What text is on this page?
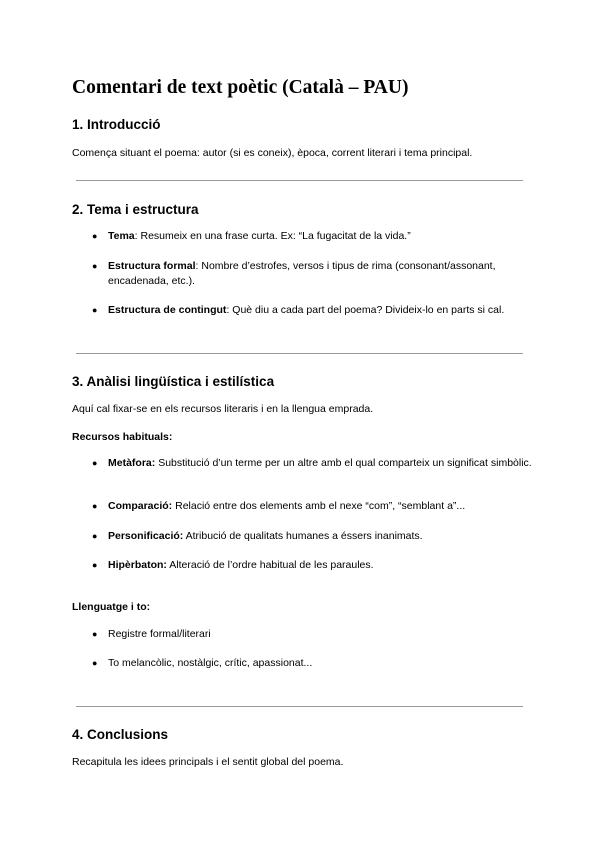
Comentari de text poètic (Català – PAU)
1. Introducció

Comença situant el poema: autor (si es coneix), època, corrent literari i tema principal.

2. Tema i estructura
● Tema: Resumeix en una frase curta. Ex: “La fugacitat de la vida.”
● Estructura formal: Nombre d’estrofes, versos i tipus de rima (consonant/assonant, encadenada, etc.).
● Estructura de contingut: Què diu a cada part del poema? Divideix-lo en parts si cal.
3. Anàlisi lingüística i estilística

Aquí cal fixar-se en els recursos literaris i en la llengua emprada.

Recursos habituals:

● Metàfora: Substitució d’un terme per un altre amb el qual comparteix un significat simbòlic.
● Comparació: Relació entre dos elements amb el nexe “com”, “semblant a”...
● Personificació: Atribució de qualitats humanes a éssers inanimats.
● Hipèrbaton: Alteració de l’ordre habitual de les paraules.

Llenguatge i to:

● Registre formal/literari
● To melancòlic, nostàlgic, crític, apassionat...
4. Conclusions

Recapitula les idees principals i el sentit global del poema.
